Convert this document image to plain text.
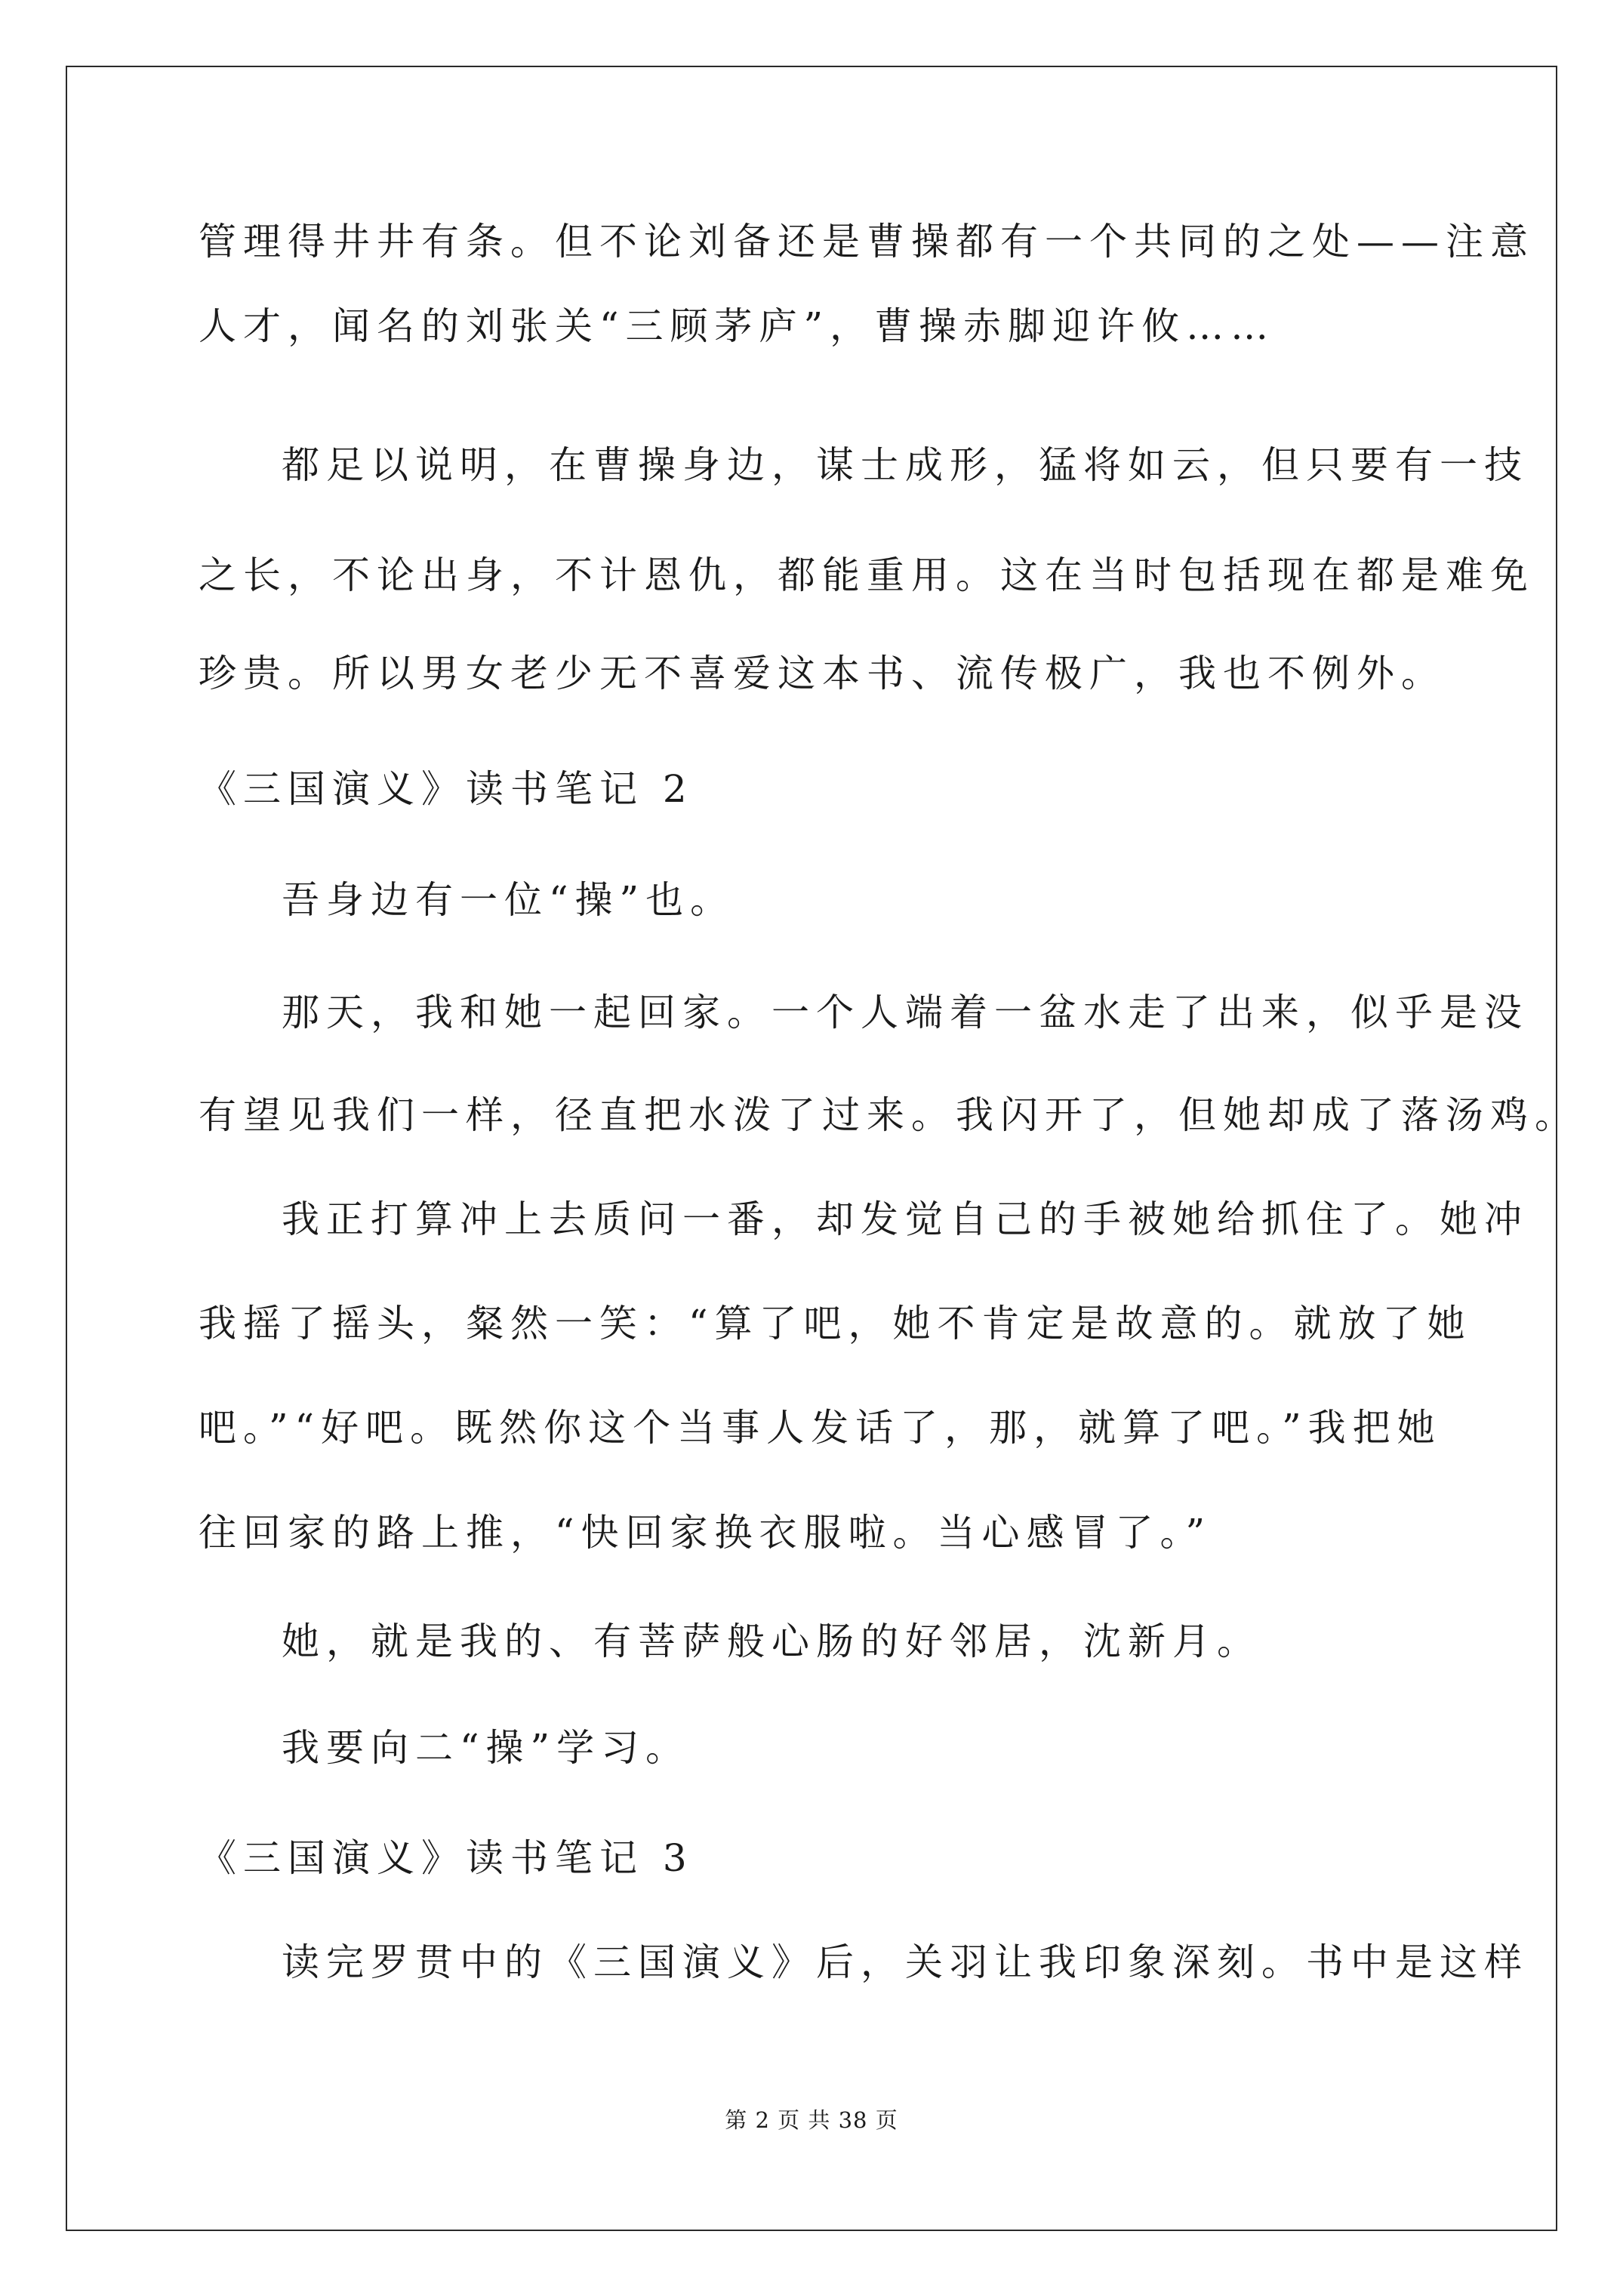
管理得井井有条。但不论刘备还是曹操都有一个共同的之处——注意
人才，闻名的刘张关“三顾茅庐”，曹操赤脚迎许攸……
都足以说明，在曹操身边，谋士成形，猛将如云，但只要有一技
之长，不论出身，不计恩仇，都能重用。这在当时包括现在都是难免
珍贵。所以男女老少无不喜爱这本书、流传极广，我也不例外。
《三国演义》读书笔记 2
吾身边有一位“操”也。
那天，我和她一起回家。一个人端着一盆水走了出来，似乎是没
有望见我们一样，径直把水泼了过来。我闪开了，但她却成了落汤鸡。
我正打算冲上去质问一番，却发觉自己的手被她给抓住了。她冲
我摇了摇头，粲然一笑：“算了吧，她不肯定是故意的。就放了她
吧。”“好吧。既然你这个当事人发话了，那，就算了吧。”我把她
往回家的路上推，“快回家换衣服啦。当心感冒了。”
她，就是我的、有菩萨般心肠的好邻居，沈新月。
我要向二“操”学习。
《三国演义》读书笔记 3
读完罗贯中的《三国演义》后，关羽让我印象深刻。书中是这样
第 2 页 共 38 页
